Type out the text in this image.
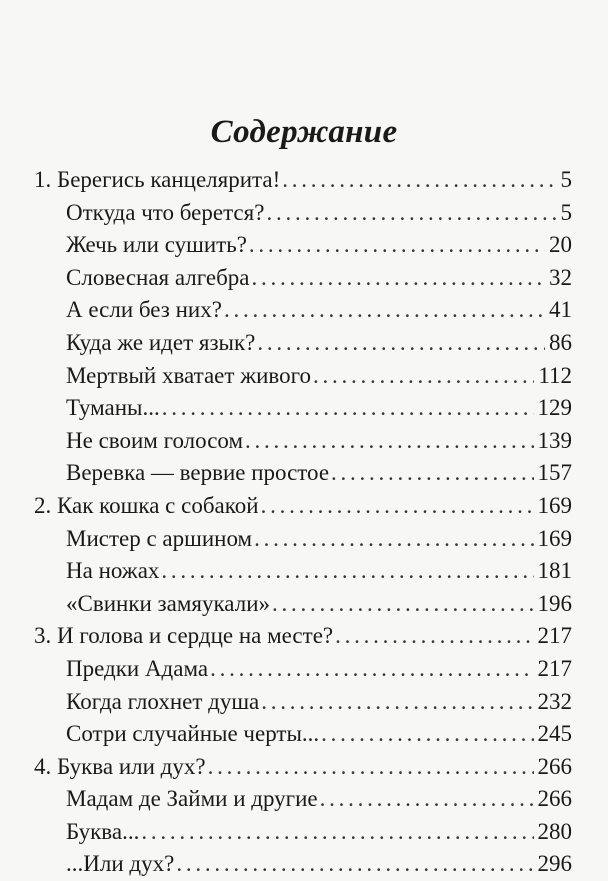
Содержание
1. Берегись канцелярита! . . .	5
Откуда что берется? . . .	5
Жечь или сушить? . . .	20
Словесная алгебра . . .	32
А если без них? . . .	41
Куда же идет язык? . . .	86
Мертвый хватает живого . . .	112
Туманы... . . .	129
Не своим голосом . . .	139
Веревка — вервие простое . . .	157
2. Как кошка с собакой . . .	169
Мистер с аршином . . .	169
На ножах . . .	181
«Свинки замяукали» . . .	196
3. И голова и сердце на месте? . . .	217
Предки Адама . . .	217
Когда глохнет душа . . .	232
Сотри случайные черты... . . .	245
4. Буква или дух? . . .	266
Мадам де Займи и другие . . .	266
Буква... . . .	280
...Или дух? . . .	296
